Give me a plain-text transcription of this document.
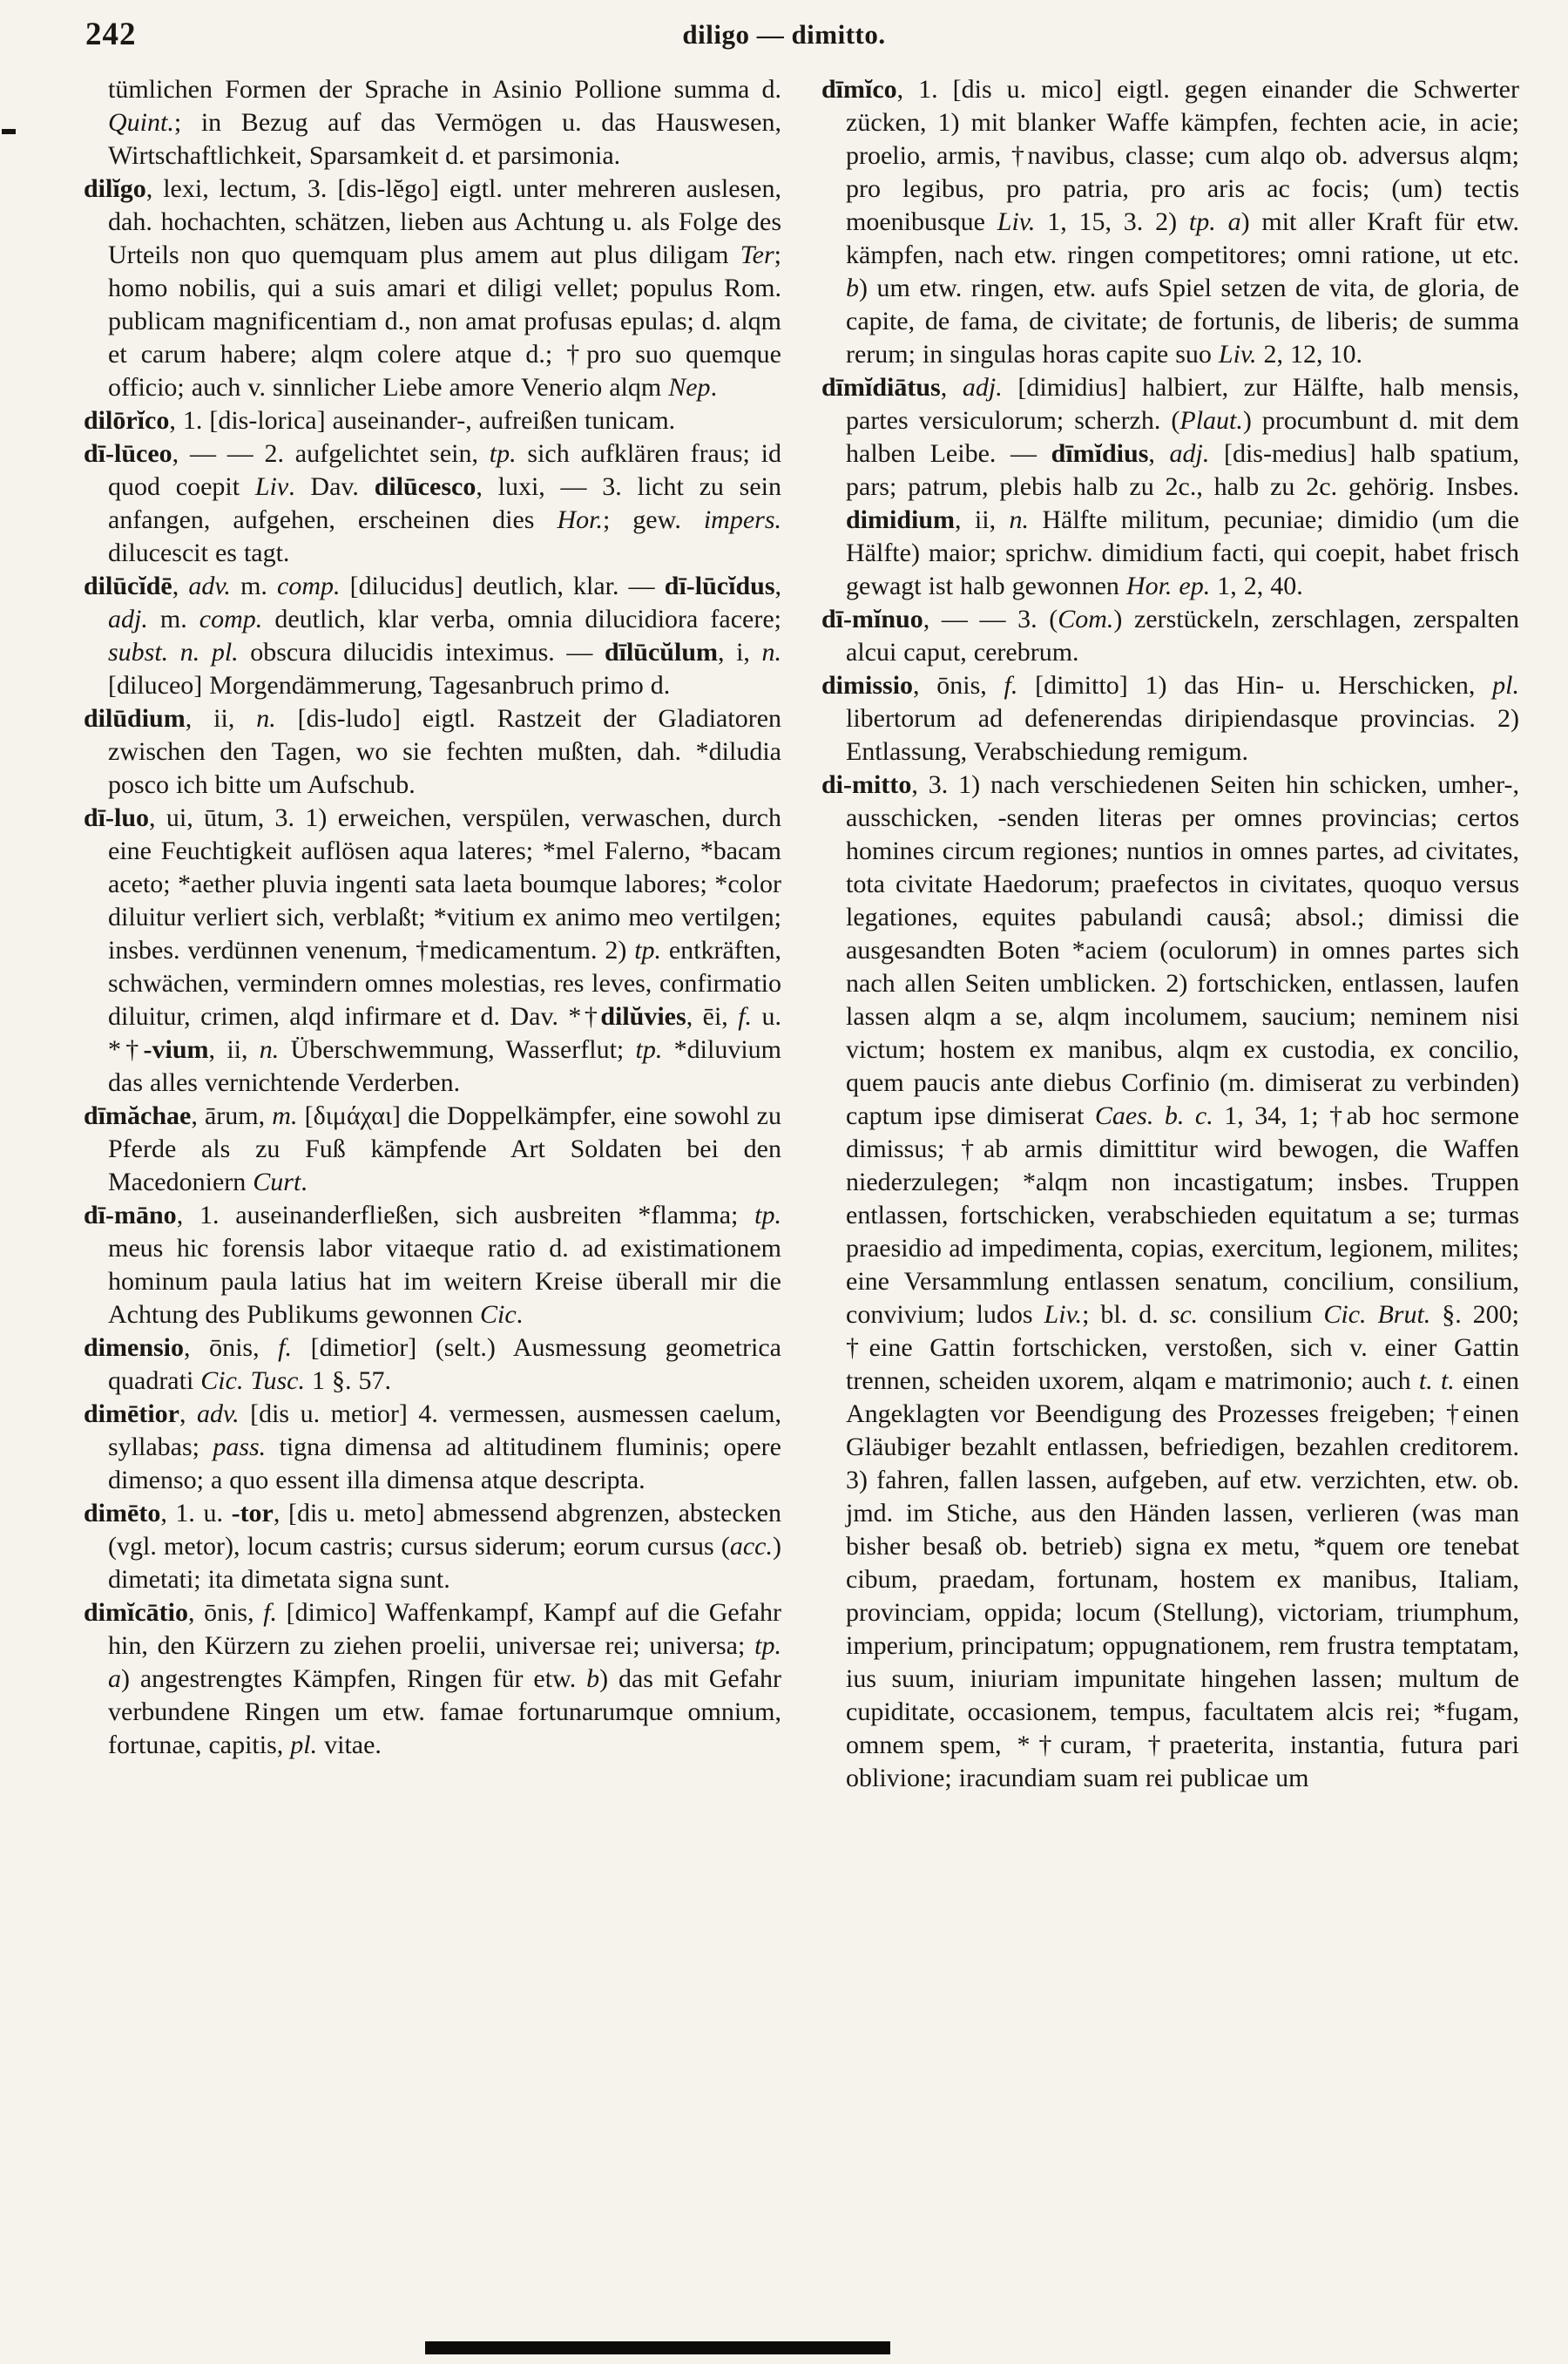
242	diligo — dimitto.

tümlichen Formen der Sprache in Asinio Pollione summa d. Quint.; in Bezug auf das Vermögen u. das Hauswesen, Wirtschaftlichkeit, Sparsamkeit d. et parsimonia.

dilĭgo, lexi, lectum, 3. [dis-lĕgo] eigtl. unter mehreren auslesen, dah. hochachten, schätzen, lieben aus Achtung u. als Folge des Urteils non quo quemquam plus amem aut plus diligam Ter; homo nobilis, qui a suis amari et diligi vellet; populus Rom. publicam magnificentiam d., non amat profusas epulas; d. alqm et carum habere; alqm colere atque d.; †pro suo quemque officio; auch v. sinnlicher Liebe amore Venerio alqm Nep.

dilōrĭco, 1. [dis-lorica] auseinander-, aufreißen tunicam.

dī-lūceo, — — 2. aufgelichtet sein, tp. sich aufklären fraus; id quod coepit Liv. Dav. dilūcesco, luxi, — 3. licht zu sein anfangen, aufgehen, erscheinen dies Hor.; gew. impers. dilucescit es tagt.

dilūcĭdē, adv. m. comp. [dilucidus] deutlich, klar. — dī-lūcĭdus, adj. m. comp. deutlich, klar verba, omnia dilucidiora facere; subst. n. pl. obscura dilucidis inteximus. — dīlūcŭlum, i, n. [diluceo] Morgendämmerung, Tagesanbruch primo d.

dilūdium, ii, n. [dis-ludo] eigtl. Rastzeit der Gladiatoren zwischen den Tagen, wo sie fechten mußten, dah. *diludia posco ich bitte um Aufschub.

dī-luo, ui, ūtum, 3. 1) erweichen, verspülen, verwaschen, durch eine Feuchtigkeit auflösen aqua lateres; *mel Falerno, *bacam aceto; *aether pluvia ingenti sata laeta boumque labores; *color diluitur verliert sich, verblaßt; *vitium ex animo meo vertilgen; insbes. verdünnen venenum, †medicamentum. 2) tp. entkräften, schwächen, vermindern omnes molestias, res leves, confirmatio diluitur, crimen, alqd infirmare et d. Dav. *†dilŭvies, ēi, f. u. *†-vium, ii, n. Überschwemmung, Wasserflut; tp. *diluvium das alles vernichtende Verderben.

dīmăchae, ārum, m. [διμάχαι] die Doppelkämpfer, eine sowohl zu Pferde als zu Fuß kämpfende Art Soldaten bei den Macedoniern Curt.

dī-māno, 1. auseinanderfließen, sich ausbreiten *flamma; tp. meus hic forensis labor vitaeque ratio d. ad existimationem hominum paula latius hat im weitern Kreise überall mir die Achtung des Publikums gewonnen Cic.

dimensio, ōnis, f. [dimetior] (selt.) Ausmessung geometrica quadrati Cic. Tusc. 1 §. 57.

dimētior, adv. [dis u. metior] 4. vermessen, ausmessen caelum, syllabas; pass. tigna dimensa ad altitudinem fluminis; opere dimenso; a quo essent illa dimensa atque descripta.

dimēto, 1. u. -tor, [dis u. meto] abmessend abgrenzen, abstecken (vgl. metor), locum castris; cursus siderum; eorum cursus (acc.) dimetati; ita dimetata signa sunt.

dimĭcātio, ōnis, f. [dimico] Waffenkampf, Kampf auf die Gefahr hin, den Kürzern zu ziehen proelii, universae rei; universa; tp. a) angestrengtes Kämpfen, Ringen für etw. b) das mit Gefahr verbundene Ringen um etw. famae fortunarumque omnium, fortunae, capitis, pl. vitae.

dīmĭco, 1. [dis u. mico] eigtl. gegen einander die Schwerter zücken, 1) mit blanker Waffe kämpfen, fechten acie, in acie; proelio, armis, †navibus, classe; cum alqo ob. adversus alqm; pro legibus, pro patria, pro aris ac focis; (um) tectis moenibusque Liv. 1, 15, 3. 2) tp. a) mit aller Kraft für etw. kämpfen, nach etw. ringen competitores; omni ratione, ut etc. b) um etw. ringen, etw. aufs Spiel setzen de vita, de gloria, de capite, de fama, de civitate; de fortunis, de liberis; de summa rerum; in singulas horas capite suo Liv. 2, 12, 10.

dīmĭdiātus, adj. [dimidius] halbiert, zur Hälfte, halb mensis, partes versiculorum; scherzh. (Plaut.) procumbunt d. mit dem halben Leibe. — dīmĭdius, adj. [dis-medius] halb spatium, pars; patrum, plebis halb zu 2c., halb zu 2c. gehörig. Insbes. dimidium, ii, n. Hälfte militum, pecuniae; dimidio (um die Hälfte) maior; sprichw. dimidium facti, qui coepit, habet frisch gewagt ist halb gewonnen Hor. ep. 1, 2, 40.

dī-mĭnuo, — — 3. (Com.) zerstückeln, zerschlagen, zerspalten alcui caput, cerebrum.

dimissio, ōnis, f. [dimitto] 1) das Hin- u. Herschicken, pl. libertorum ad defenerendas diripiendasque provincias. 2) Entlassung, Verabschiedung remigum.

di-mitto, 3. 1) nach verschiedenen Seiten hin schicken, umher-, ausschicken, -senden literas per omnes provincias; certos homines circum regiones; nuntios in omnes partes, ad civitates, tota civitate Haedorum; praefectos in civitates, quoquo versus legationes, equites pabulandi causâ; absol.; dimissi die ausgesandten Boten *aciem (oculorum) in omnes partes sich nach allen Seiten umblicken. 2) fortschicken, entlassen, laufen lassen alqm a se, alqm incolumem, saucium; neminem nisi victum; hostem ex manibus, alqm ex custodia, ex concilio, quem paucis ante diebus Corfinio (m. dimiserat zu verbinden) captum ipse dimiserat Caes. b. c. 1, 34, 1; †ab hoc sermone dimissus; †ab armis dimittitur wird bewogen, die Waffen niederzulegen; *alqm non incastigatum; insbes. Truppen entlassen, fortschicken, verabschieden equitatum a se; turmas praesidio ad impedimenta, copias, exercitum, legionem, milites; eine Versammlung entlassen senatum, concilium, consilium, convivium; ludos Liv.; bl. d. sc. consilium Cic. Brut. §. 200; †eine Gattin fortschicken, verstoßen, sich v. einer Gattin trennen, scheiden uxorem, alqam e matrimonio; auch t. t. einen Angeklagten vor Beendigung des Prozesses freigeben; †einen Gläubiger bezahlt entlassen, befriedigen, bezahlen creditorem. 3) fahren, fallen lassen, aufgeben, auf etw. verzichten, etw. ob. jmd. im Stiche, aus den Händen lassen, verlieren (was man bisher besaß ob. betrieb) signa ex metu, *quem ore tenebat cibum, praedam, fortunam, hostem ex manibus, Italiam, provinciam, oppida; locum (Stellung), victoriam, triumphum, imperium, principatum; oppugnationem, rem frustra temptatam, ius suum, iniuriam impunitate hingehen lassen; multum de cupiditate, occasionem, tempus, facultatem alcis rei; *fugam, omnem spem, *†curam, †praeterita, instantia, futura pari oblivione; iracundiam suam rei publicae um
